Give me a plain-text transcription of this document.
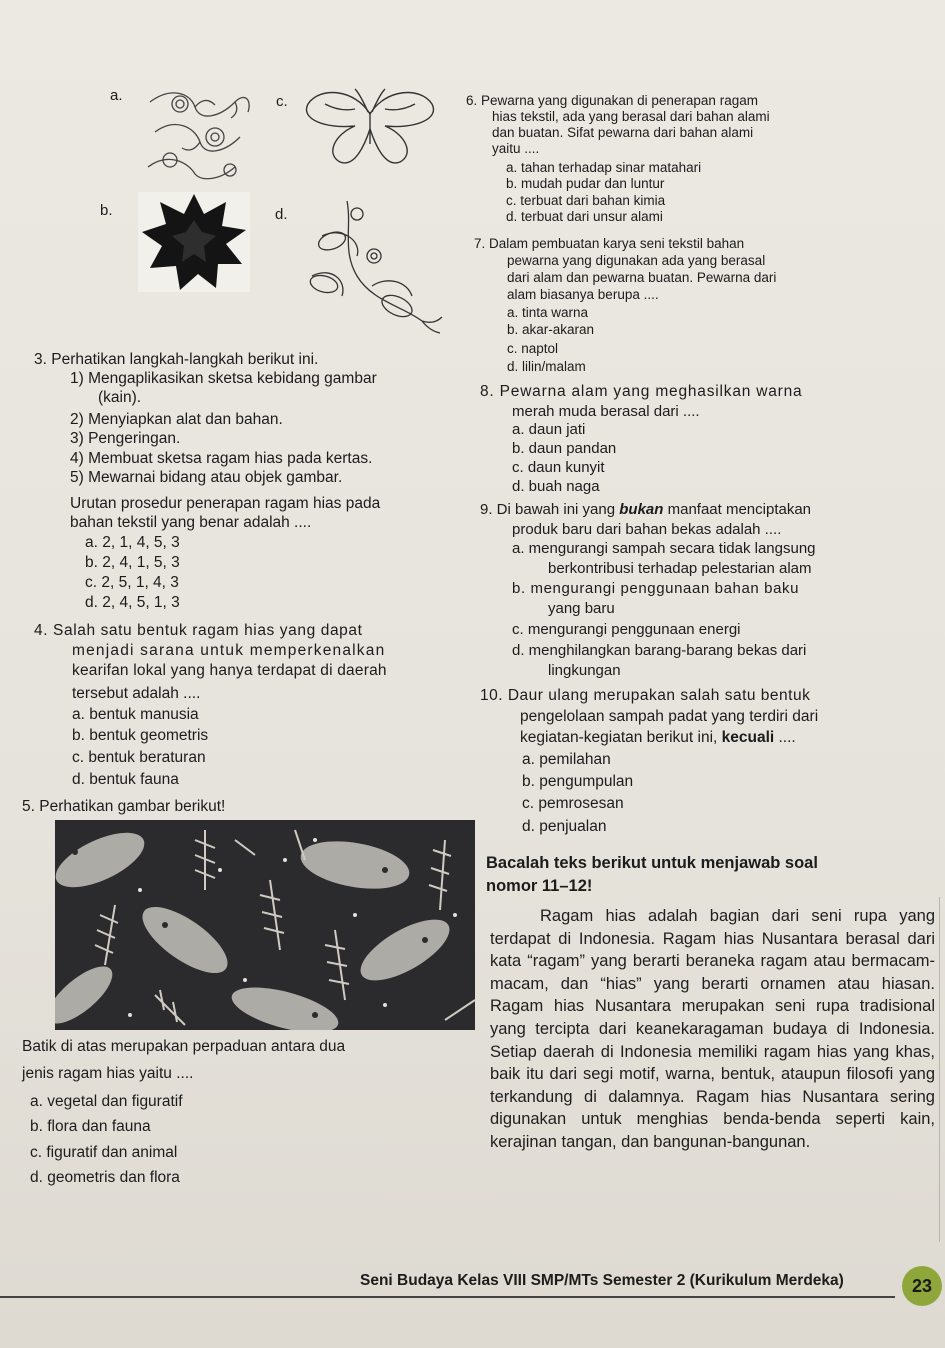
a.	c.
b.	d.
3. Perhatikan langkah-langkah berikut ini.
1) Mengaplikasikan sketsa kebidang gambar
(kain).
2) Menyiapkan alat dan bahan.
3) Pengeringan.
4) Membuat sketsa ragam hias pada kertas.
5) Mewarnai bidang atau objek gambar.
Urutan prosedur penerapan ragam hias pada
bahan tekstil yang benar adalah ....
a. 2, 1, 4, 5, 3
b. 2, 4, 1, 5, 3
c. 2, 5, 1, 4, 3
d. 2, 4, 5, 1, 3
4. Salah satu bentuk ragam hias yang dapat
menjadi sarana untuk memperkenalkan
kearifan lokal yang hanya terdapat di daerah
tersebut adalah ....
a. bentuk manusia
b. bentuk geometris
c. bentuk beraturan
d. bentuk fauna
5. Perhatikan gambar berikut!
Batik di atas merupakan perpaduan antara dua
jenis ragam hias yaitu ....
a. vegetal dan figuratif
b. flora dan fauna
c. figuratif dan animal
d. geometris dan flora
6. Pewarna yang digunakan di penerapan ragam
hias tekstil, ada yang berasal dari bahan alami
dan buatan. Sifat pewarna dari bahan alami
yaitu ....
a. tahan terhadap sinar matahari
b. mudah pudar dan luntur
c. terbuat dari bahan kimia
d. terbuat dari unsur alami
7. Dalam pembuatan karya seni tekstil bahan
pewarna yang digunakan ada yang berasal
dari alam dan pewarna buatan. Pewarna dari
alam biasanya berupa ....
a. tinta warna
b. akar-akaran
c. naptol
d. lilin/malam
8. Pewarna alam yang meghasilkan warna
merah muda berasal dari ....
a. daun jati
b. daun pandan
c. daun kunyit
d. buah naga
9. Di bawah ini yang bukan manfaat menciptakan
produk baru dari bahan bekas adalah ....
a. mengurangi sampah secara tidak langsung
berkontribusi terhadap pelestarian alam
b. mengurangi penggunaan bahan baku
yang baru
c. mengurangi penggunaan energi
d. menghilangkan barang-barang bekas dari
lingkungan
10. Daur ulang merupakan salah satu bentuk
pengelolaan sampah padat yang terdiri dari
kegiatan-kegiatan berikut ini, kecuali ....
a. pemilahan
b. pengumpulan
c. pemrosesan
d. penjualan
Bacalah teks berikut untuk menjawab soal
nomor 11–12!

Ragam hias adalah bagian dari seni rupa yang terdapat di Indonesia. Ragam hias Nusantara berasal dari kata “ragam” yang berarti beraneka ragam atau bermacam-macam, dan “hias” yang berarti ornamen atau hiasan. Ragam hias Nusantara merupakan seni rupa tradisional yang tercipta dari keanekaragaman budaya di Indonesia. Setiap daerah di Indonesia memiliki ragam hias yang khas, baik itu dari segi motif, warna, bentuk, ataupun filosofi yang terkandung di dalamnya. Ragam hias Nusantara sering digunakan untuk menghias benda-benda seperti kain, kerajinan tangan, dan bangunan-bangunan.

Seni Budaya Kelas VIII SMP/MTs Semester 2 (Kurikulum Merdeka)	23
